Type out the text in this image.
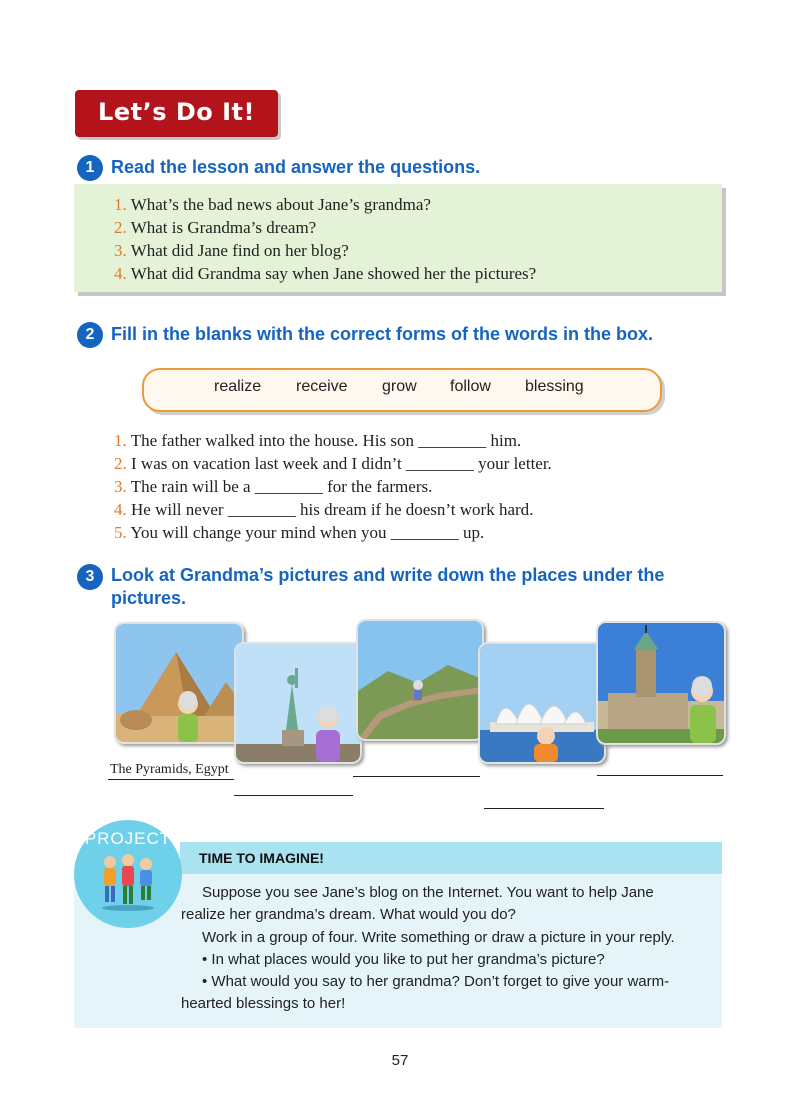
Let’s Do It!
1 Read the lesson and answer the questions.
1. What’s the bad news about Jane’s grandma?
2. What is Grandma’s dream?
3. What did Jane find on her blog?
4. What did Grandma say when Jane showed her the pictures?
2 Fill in the blanks with the correct forms of the words in the box.
realize receive grow follow blessing
1. The father walked into the house. His son ________ him.
2. I was on vacation last week and I didn’t ________ your letter.
3. The rain will be a ________ for the farmers.
4. He will never ________ his dream if he doesn’t work hard.
5. You will change your mind when you ________ up.
3 Look at Grandma’s pictures and write down the places under the
pictures.
The Pyramids, Egypt
PROJECT
TIME TO IMAGINE!
Suppose you see Jane’s blog on the Internet. You want to help Jane
realize her grandma’s dream. What would you do?
Work in a group of four. Write something or draw a picture in your reply.
• In what places would you like to put her grandma’s picture?
• What would you say to her grandma? Don’t forget to give your warm-
hearted blessings to her!
57
